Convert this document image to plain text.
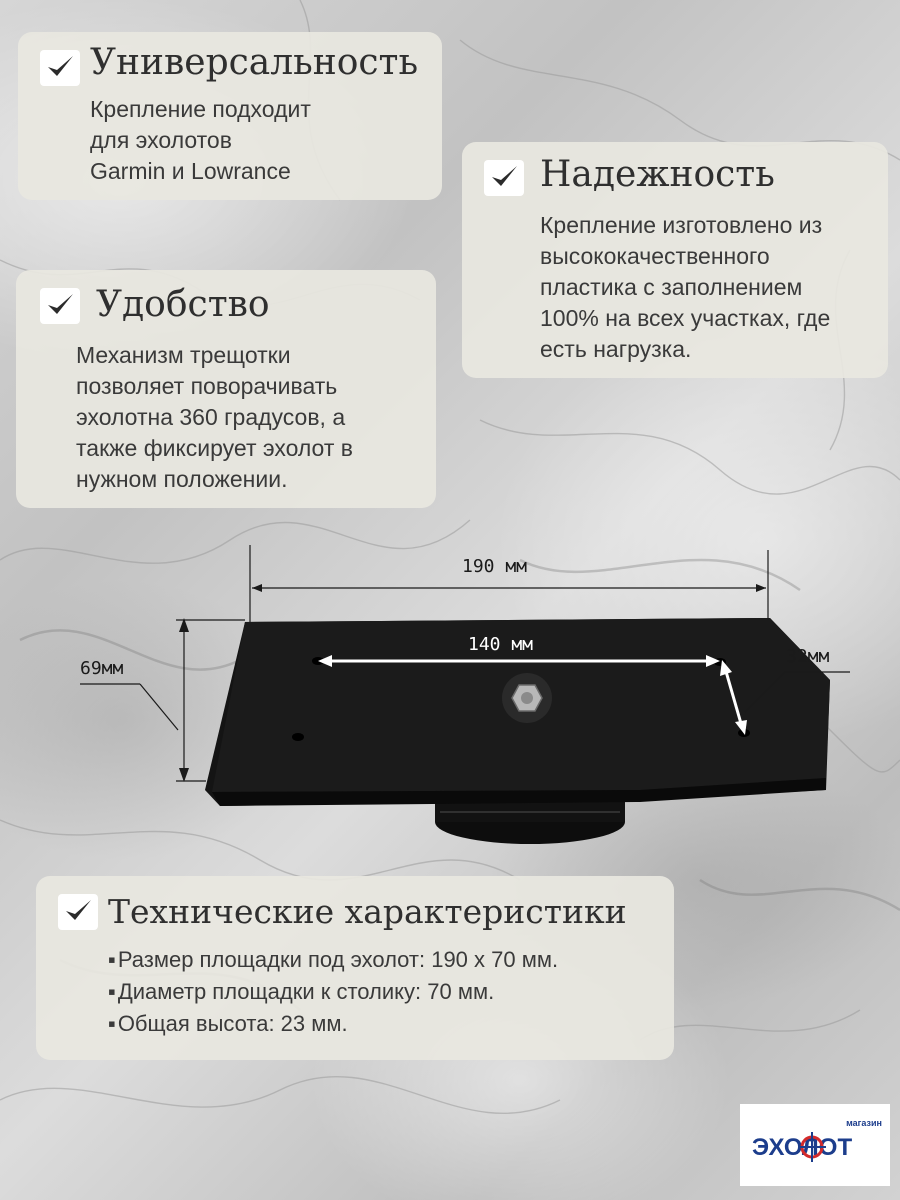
Универсальность
Крепление подходит
для эхолотов
Garmin и Lowrance	Надежность
Крепление изготовлено из
высококачественного
пластика с заполнением
100% на всех участках, где
есть нагрузка.
Удобство
Механизм трещотки
позволяет поворачивать
эхолотна 360 градусов, а
также фиксирует эхолот в
нужном положении.
190 мм
140 мм
69мм
32мм
Технические характеристики
▪ Размер площадки под эхолот: 190 х 70 мм.
▪ Диаметр площадки к столику: 70 мм.
▪ Общая высота: 23 мм.
магазин
ЭХОЛОТ
